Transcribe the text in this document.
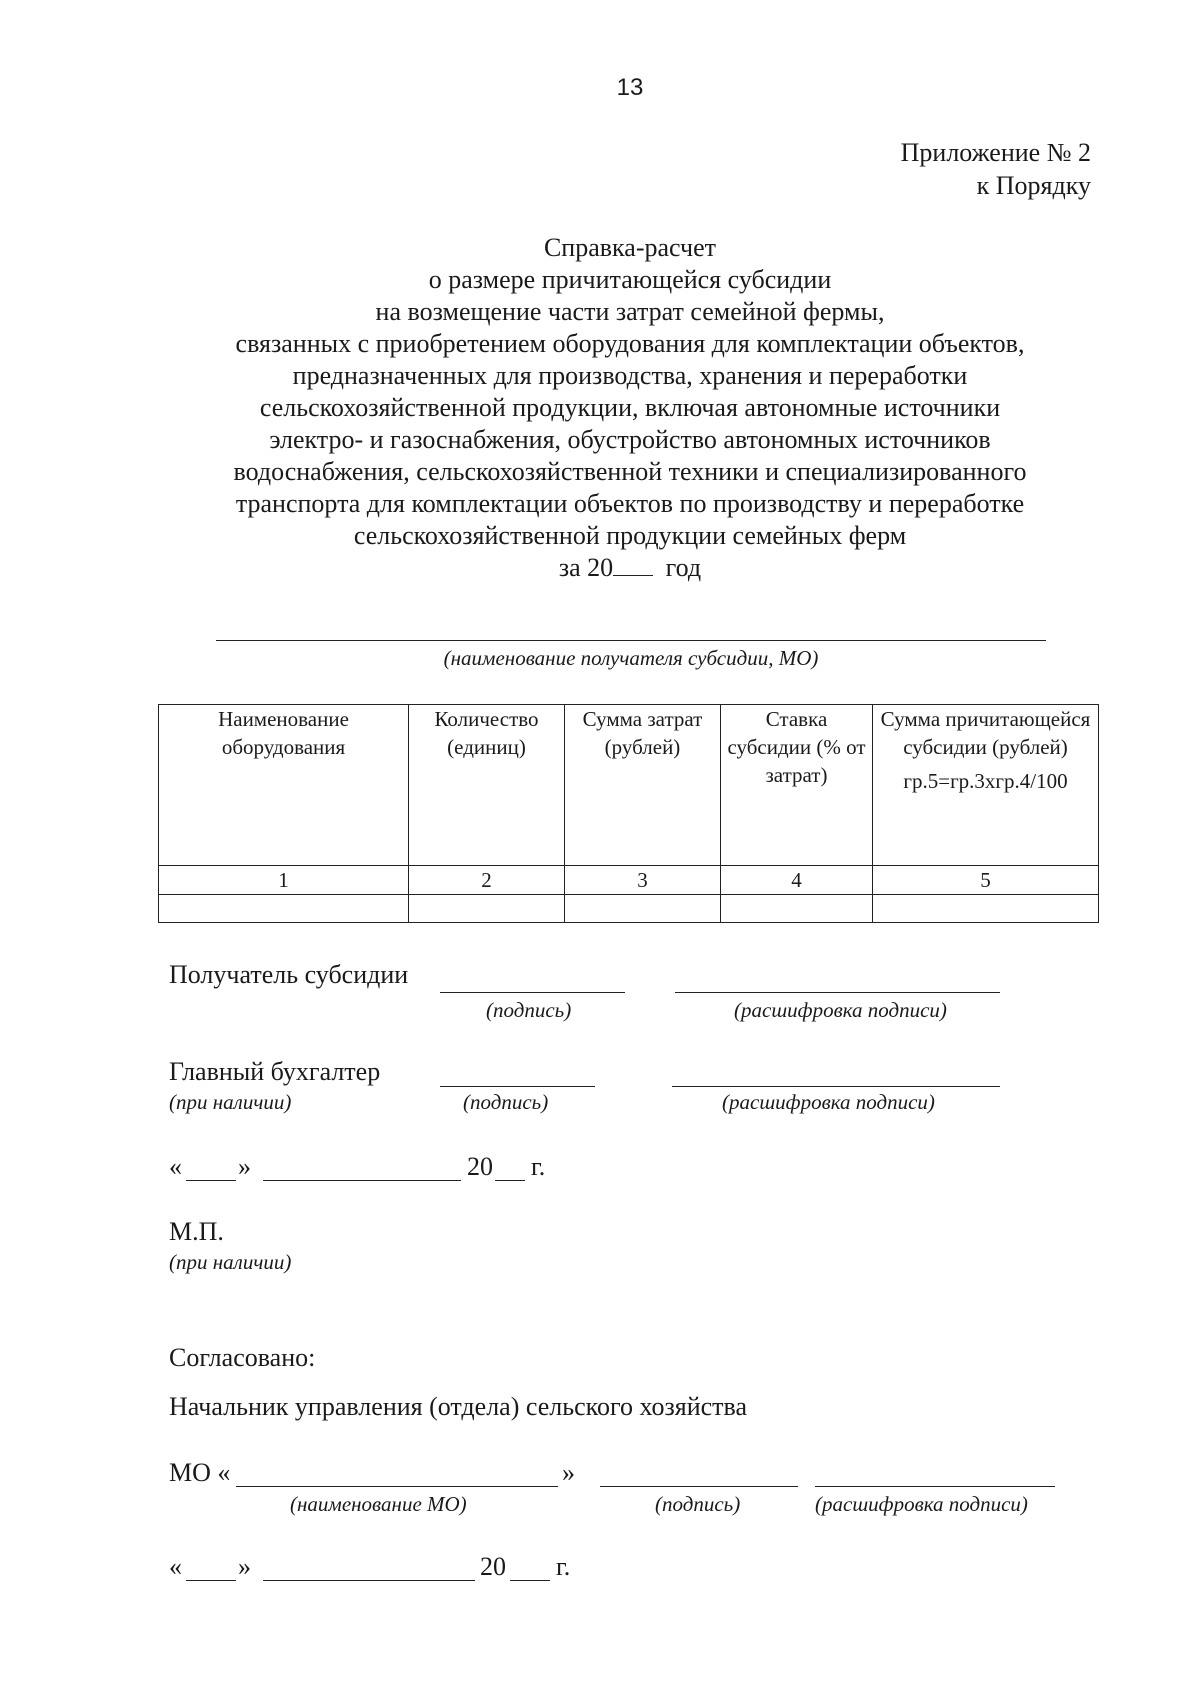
13
Приложение № 2
к Порядку
Справка-расчет
о размере причитающейся субсидии
на возмещение части затрат семейной фермы,
связанных с приобретением оборудования для комплектации объектов,
предназначенных для производства, хранения и переработки
сельскохозяйственной продукции, включая автономные источники
электро- и газоснабжения, обустройство автономных источников
водоснабжения, сельскохозяйственной техники и специализированного
транспорта для комплектации объектов по производству и переработке
сельскохозяйственной продукции семейных ферм
за 20 год
(наименование получателя субсидии, МО)
Наименование оборудования	Количество (единиц)	Сумма затрат (рублей)	Ставка субсидии (% от затрат)	Сумма причитающейся субсидии (рублей)
гр.5=гр.3хгр.4/100

1	2	3	4	5

Получатель субсидии
(подпись)	(расшифровка подписи)
Главный бухгалтер
(при наличии)	(подпись)	(расшифровка подписи)
« »	20 г.
М.П.
(при наличии)
Согласовано:
Начальник управления (отдела) сельского хозяйства
МО «	»
(наименование МО)	(подпись)	(расшифровка подписи)
« »	20 г.
